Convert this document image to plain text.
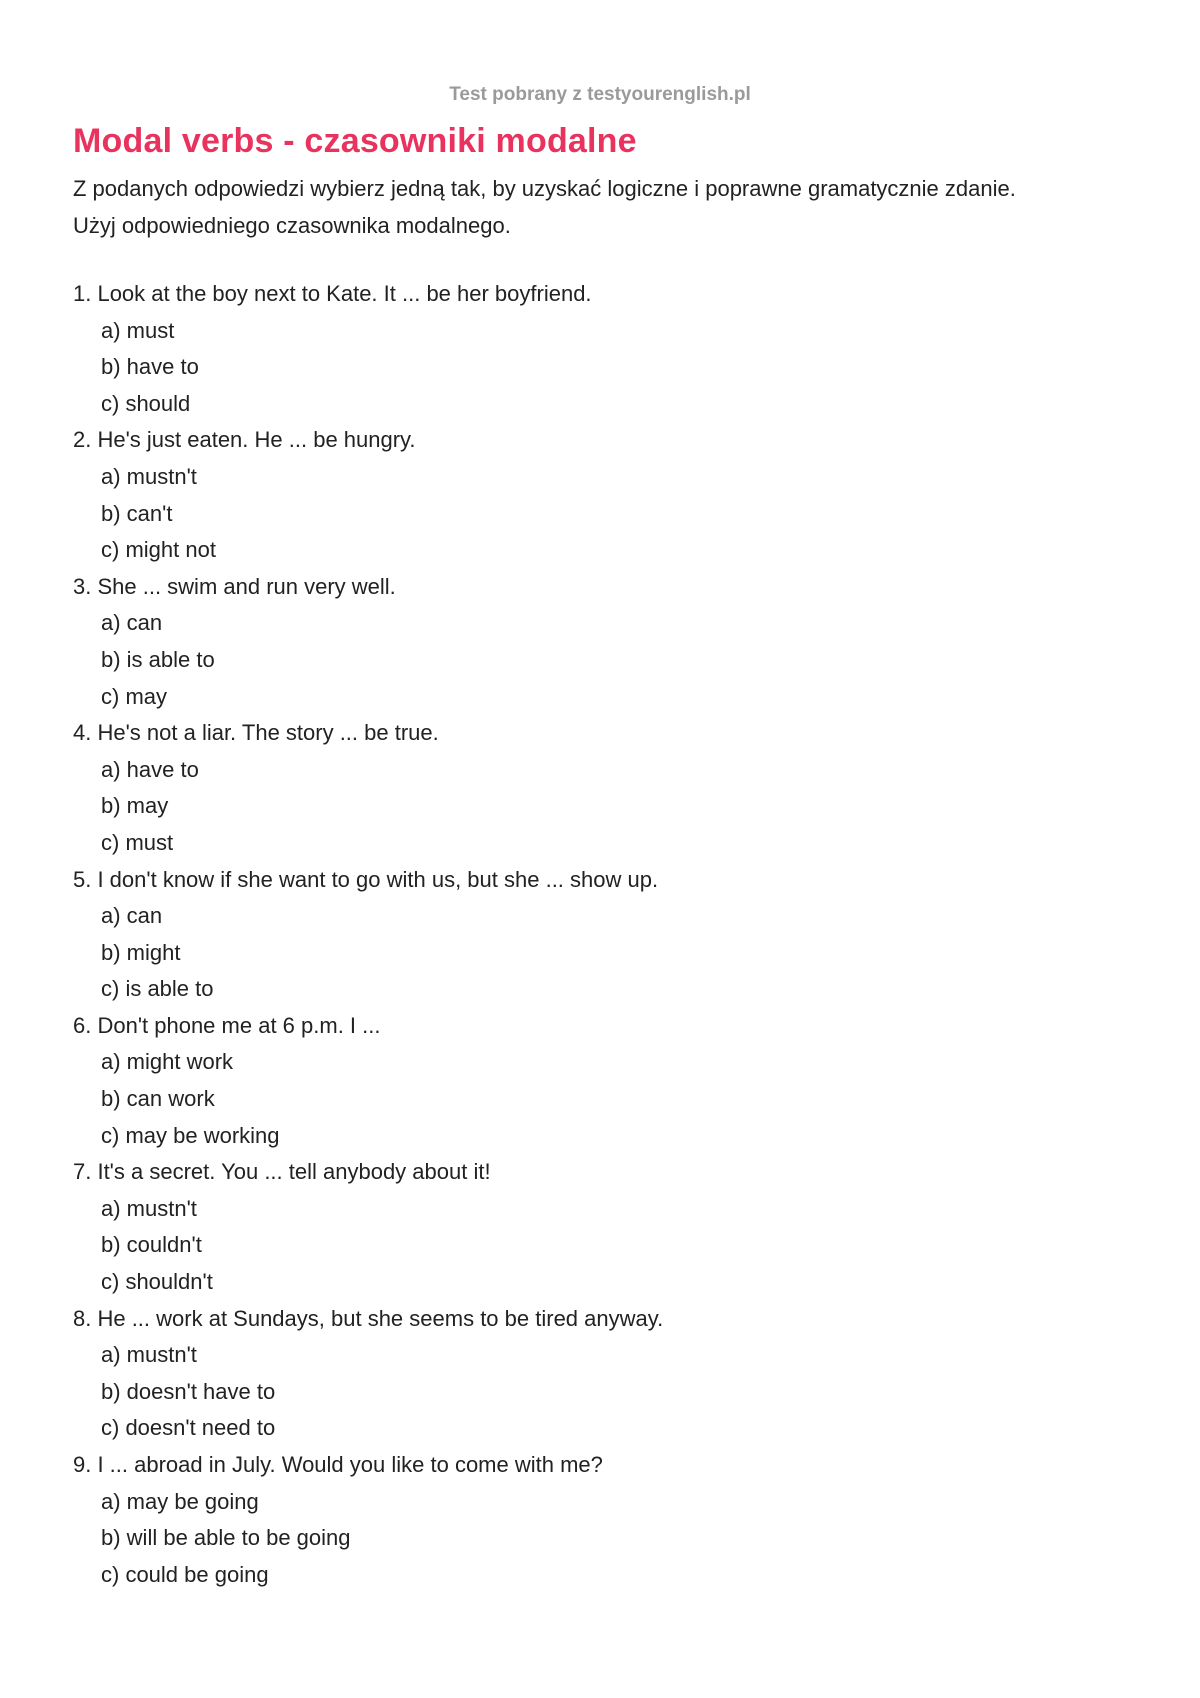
Test pobrany z testyourenglish.pl
Modal verbs - czasowniki modalne
Z podanych odpowiedzi wybierz jedną tak, by uzyskać logiczne i poprawne gramatycznie zdanie.
Użyj odpowiedniego czasownika modalnego.
1. Look at the boy next to Kate. It ... be her boyfriend.
a) must
b) have to
c) should
2. He's just eaten. He ... be hungry.
a) mustn't
b) can't
c) might not
3. She ... swim and run very well.
a) can
b) is able to
c) may
4. He's not a liar. The story ... be true.
a) have to
b) may
c) must
5. I don't know if she want to go with us, but she ... show up.
a) can
b) might
c) is able to
6. Don't phone me at 6 p.m. I ...
a) might work
b) can work
c) may be working
7. It's a secret. You ... tell anybody about it!
a) mustn't
b) couldn't
c) shouldn't
8. He ... work at Sundays, but she seems to be tired anyway.
a) mustn't
b) doesn't have to
c) doesn't need to
9. I ... abroad in July. Would you like to come with me?
a) may be going
b) will be able to be going
c) could be going
